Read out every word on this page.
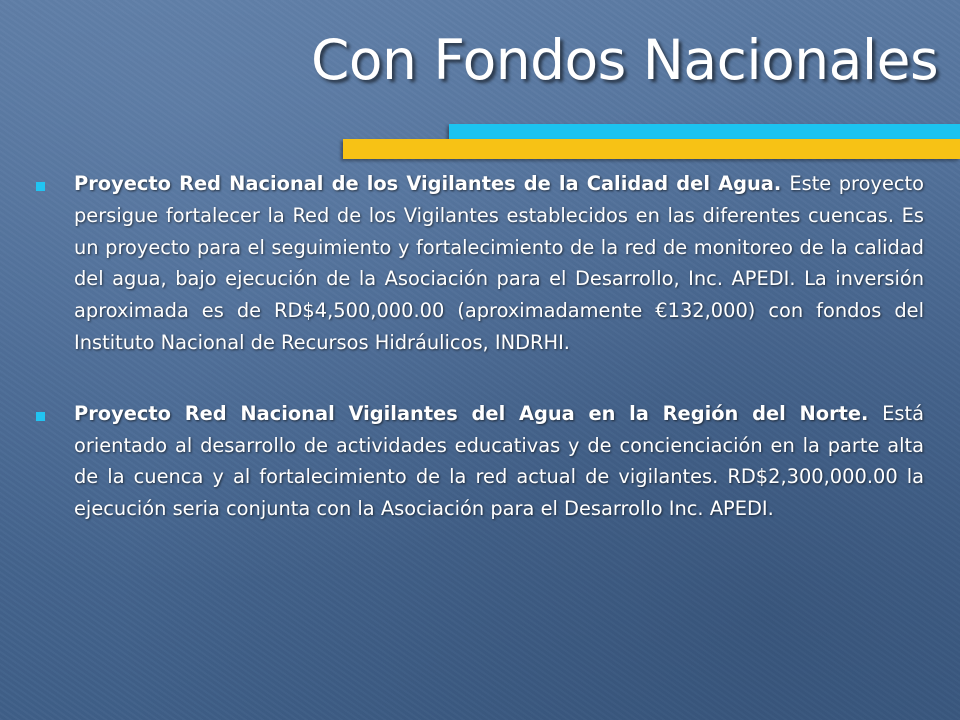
Con Fondos Nacionales
Proyecto Red Nacional de los Vigilantes de la Calidad del Agua. Este proyecto persigue fortalecer la Red de los Vigilantes establecidos en las diferentes cuencas. Es un proyecto para el seguimiento y fortalecimiento de la red de monitoreo de la calidad del agua, bajo ejecución de la Asociación para el Desarrollo, Inc. APEDI. La inversión aproximada es de RD$4,500,000.00 (aproximadamente €132,000) con fondos del Instituto Nacional de Recursos Hidráulicos, INDRHI.
Proyecto Red Nacional Vigilantes del Agua en la Región del Norte. Está orientado al desarrollo de actividades educativas y de concienciación en la parte alta de la cuenca y al fortalecimiento de la red actual de vigilantes. RD$2,300,000.00 la ejecución seria conjunta con la Asociación para el Desarrollo Inc. APEDI.
